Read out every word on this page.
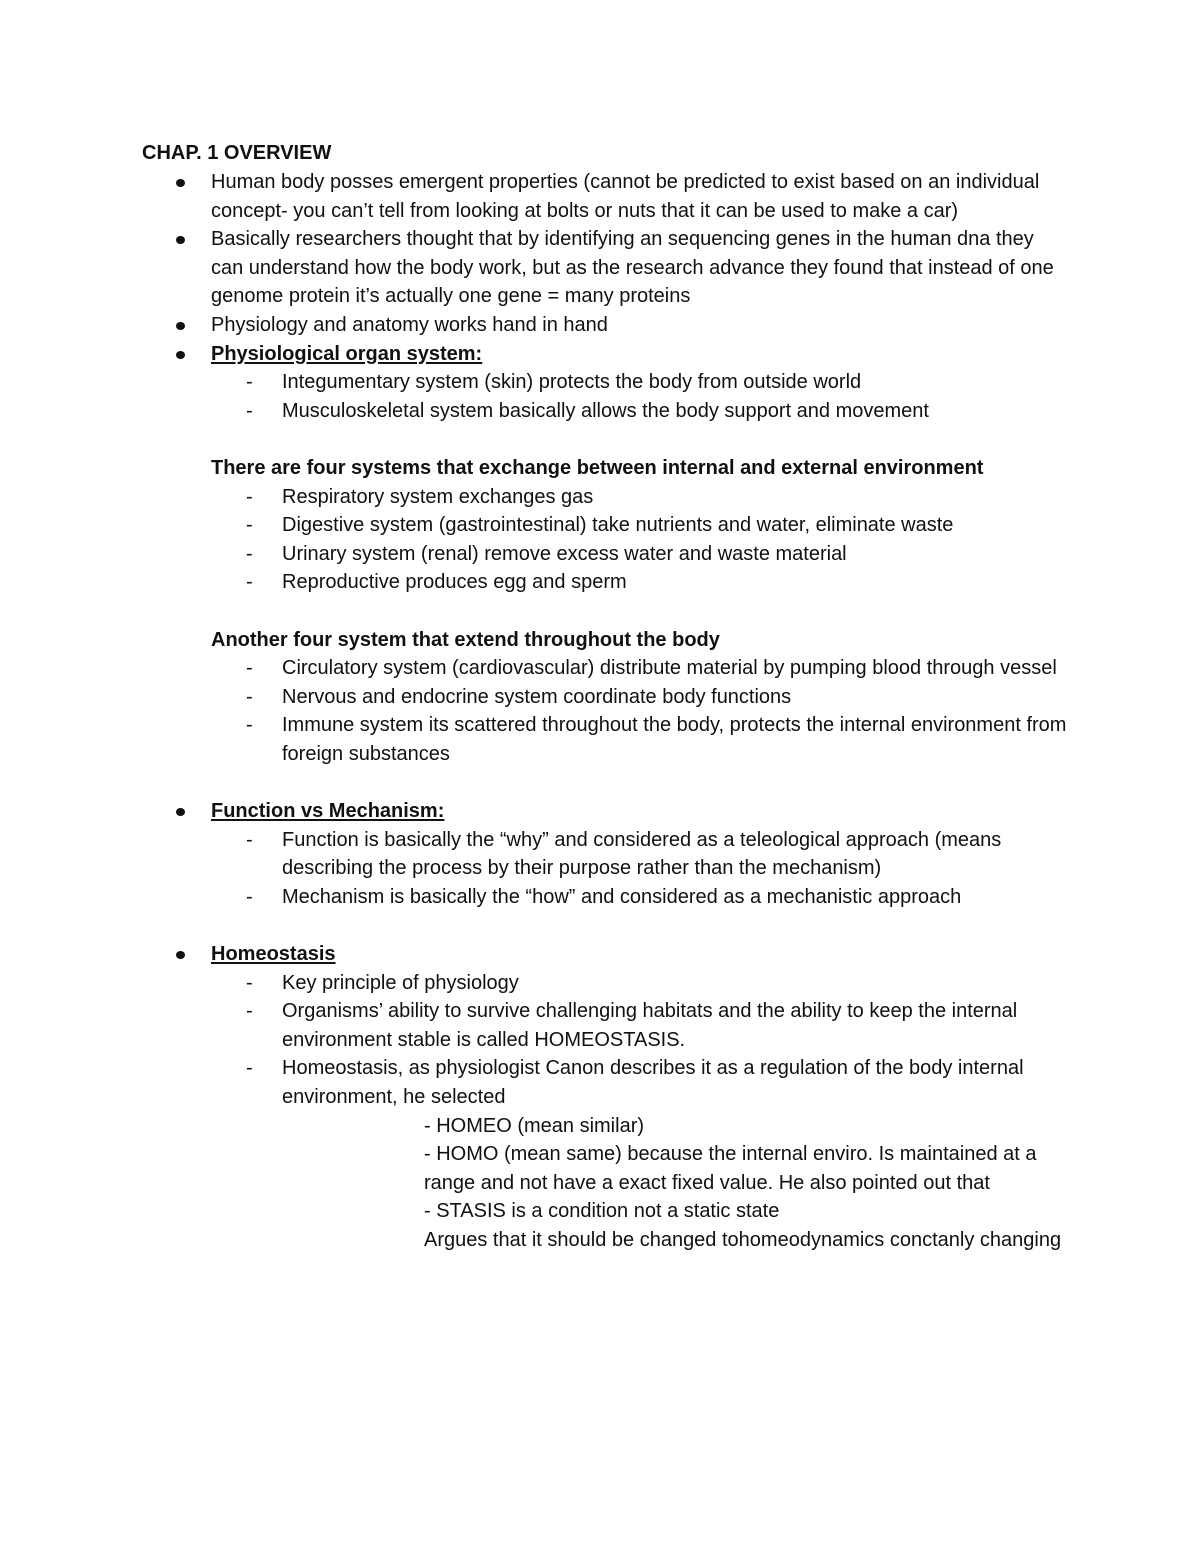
CHAP. 1 OVERVIEW
Human body posses emergent properties (cannot be predicted to exist based on an individual concept- you can’t tell from looking at bolts or nuts that it can be used to make a car)
Basically researchers thought that by identifying an sequencing genes in the human dna they can understand how the body work, but as the research advance they found that instead of one genome protein it’s actually one gene = many proteins
Physiology and anatomy works hand in hand
Physiological organ system:
- Integumentary system (skin) protects the body from outside world
- Musculoskeletal system basically allows the body support and movement
There are four systems that exchange between internal and external environment
- Respiratory system exchanges gas
- Digestive system (gastrointestinal) take nutrients and water, eliminate waste
- Urinary system (renal) remove excess water and waste material
- Reproductive produces egg and sperm
Another four system that extend throughout the body
- Circulatory system (cardiovascular) distribute material by pumping blood through vessel
- Nervous and endocrine system coordinate body functions
- Immune system its scattered throughout the body, protects the internal environment from foreign substances
Function vs Mechanism:
- Function is basically the “why” and considered as a teleological approach (means describing the process by their purpose rather than the mechanism)
- Mechanism is basically the “how” and considered as a mechanistic approach
Homeostasis
- Key principle of physiology
- Organisms’ ability to survive challenging habitats and the ability to keep the internal environment stable is called HOMEOSTASIS.
- Homeostasis, as physiologist Canon describes it as a regulation of the body internal environment, he selected
- HOMEO (mean similar)
- HOMO (mean same) because the internal enviro. Is maintained at a range and not have a exact fixed value. He also pointed out that
- STASIS is a condition not a static state
Argues that it should be changed tohomeodynamics conctanly changing
